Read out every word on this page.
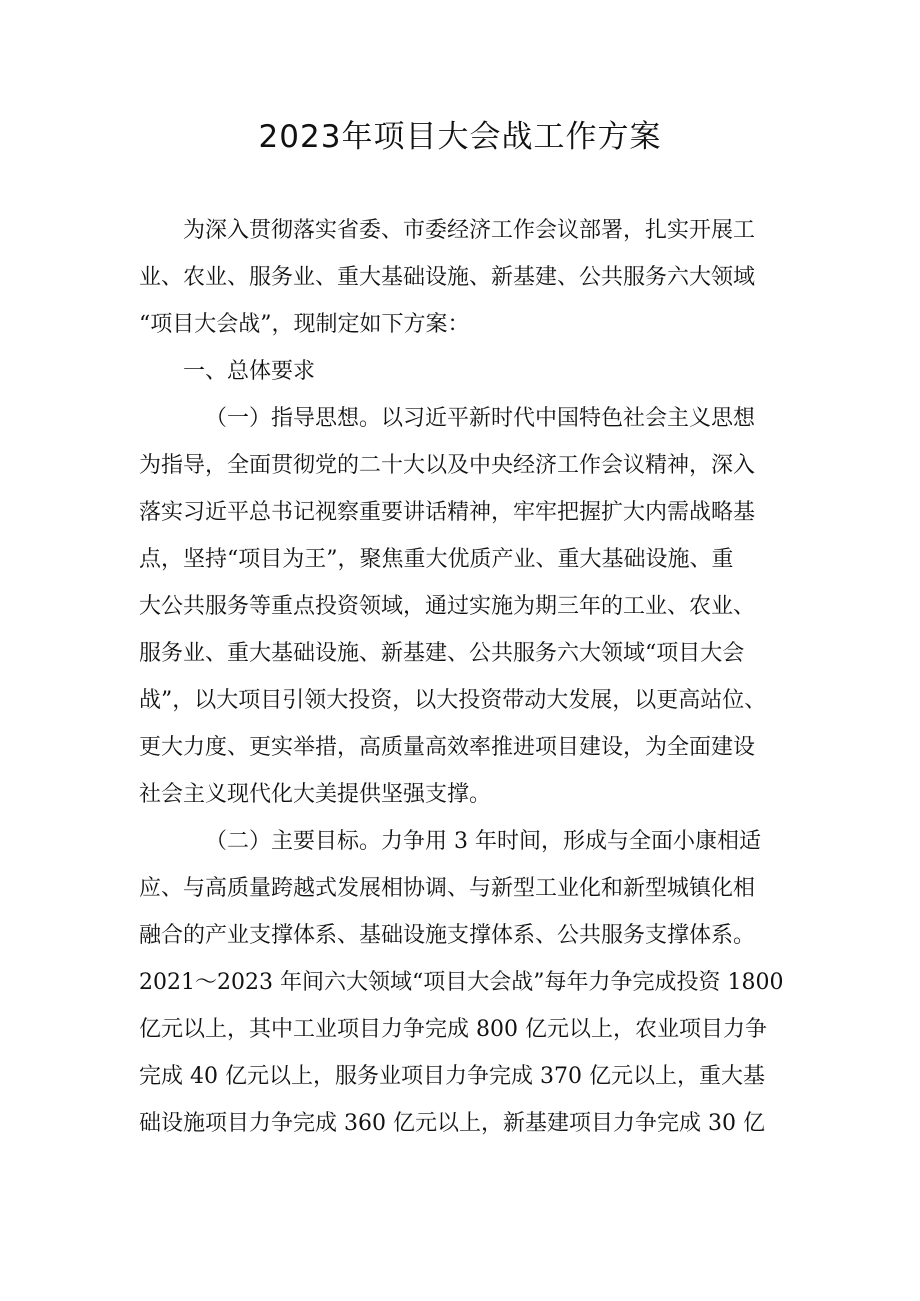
2023年项目大会战工作方案
为深入贯彻落实省委、市委经济工作会议部署，扎实开展工
业、农业、服务业、重大基础设施、新基建、公共服务六大领域
“项目大会战”，现制定如下方案：
一、总体要求
（一）指导思想。以习近平新时代中国特色社会主义思想
为指导，全面贯彻党的二十大以及中央经济工作会议精神，深入
落实习近平总书记视察重要讲话精神，牢牢把握扩大内需战略基
点，坚持“项目为王”，聚焦重大优质产业、重大基础设施、重
大公共服务等重点投资领域，通过实施为期三年的工业、农业、
服务业、重大基础设施、新基建、公共服务六大领域“项目大会
战”，以大项目引领大投资，以大投资带动大发展，以更高站位、
更大力度、更实举措，高质量高效率推进项目建设，为全面建设
社会主义现代化大美提供坚强支撑。
（二）主要目标。力争用 3 年时间，形成与全面小康相适
应、与高质量跨越式发展相协调、与新型工业化和新型城镇化相
融合的产业支撑体系、基础设施支撑体系、公共服务支撑体系。
2021～2023 年间六大领域“项目大会战”每年力争完成投资 1800
亿元以上，其中工业项目力争完成 800 亿元以上，农业项目力争
完成 40 亿元以上，服务业项目力争完成 370 亿元以上，重大基
础设施项目力争完成 360 亿元以上，新基建项目力争完成 30 亿
